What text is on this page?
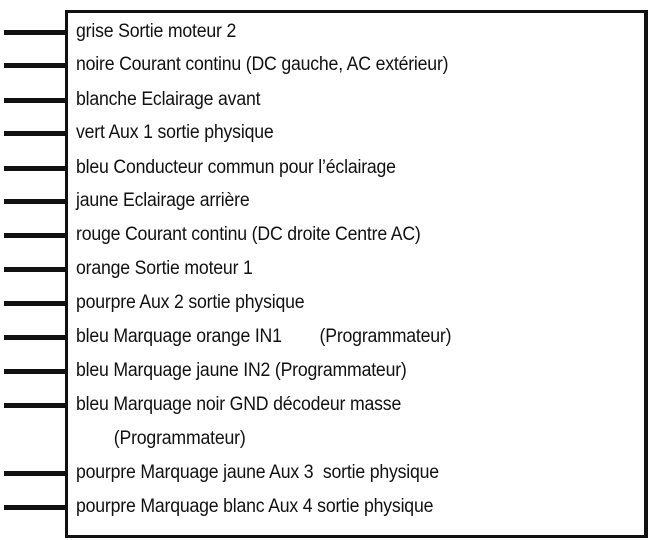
grise Sortie moteur 2
noire Courant continu (DC gauche, AC extérieur)
blanche Eclairage avant
vert Aux 1 sortie physique
bleu Conducteur commun pour l’éclairage
jaune Eclairage arrière
rouge Courant continu (DC droite Centre AC)
orange Sortie moteur 1
pourpre Aux 2 sortie physique
bleu Marquage orange IN1        (Programmateur)
bleu Marquage jaune IN2 (Programmateur)
bleu Marquage noir GND décodeur masse
(Programmateur)
pourpre Marquage jaune Aux 3  sortie physique
pourpre Marquage blanc Aux 4 sortie physique
